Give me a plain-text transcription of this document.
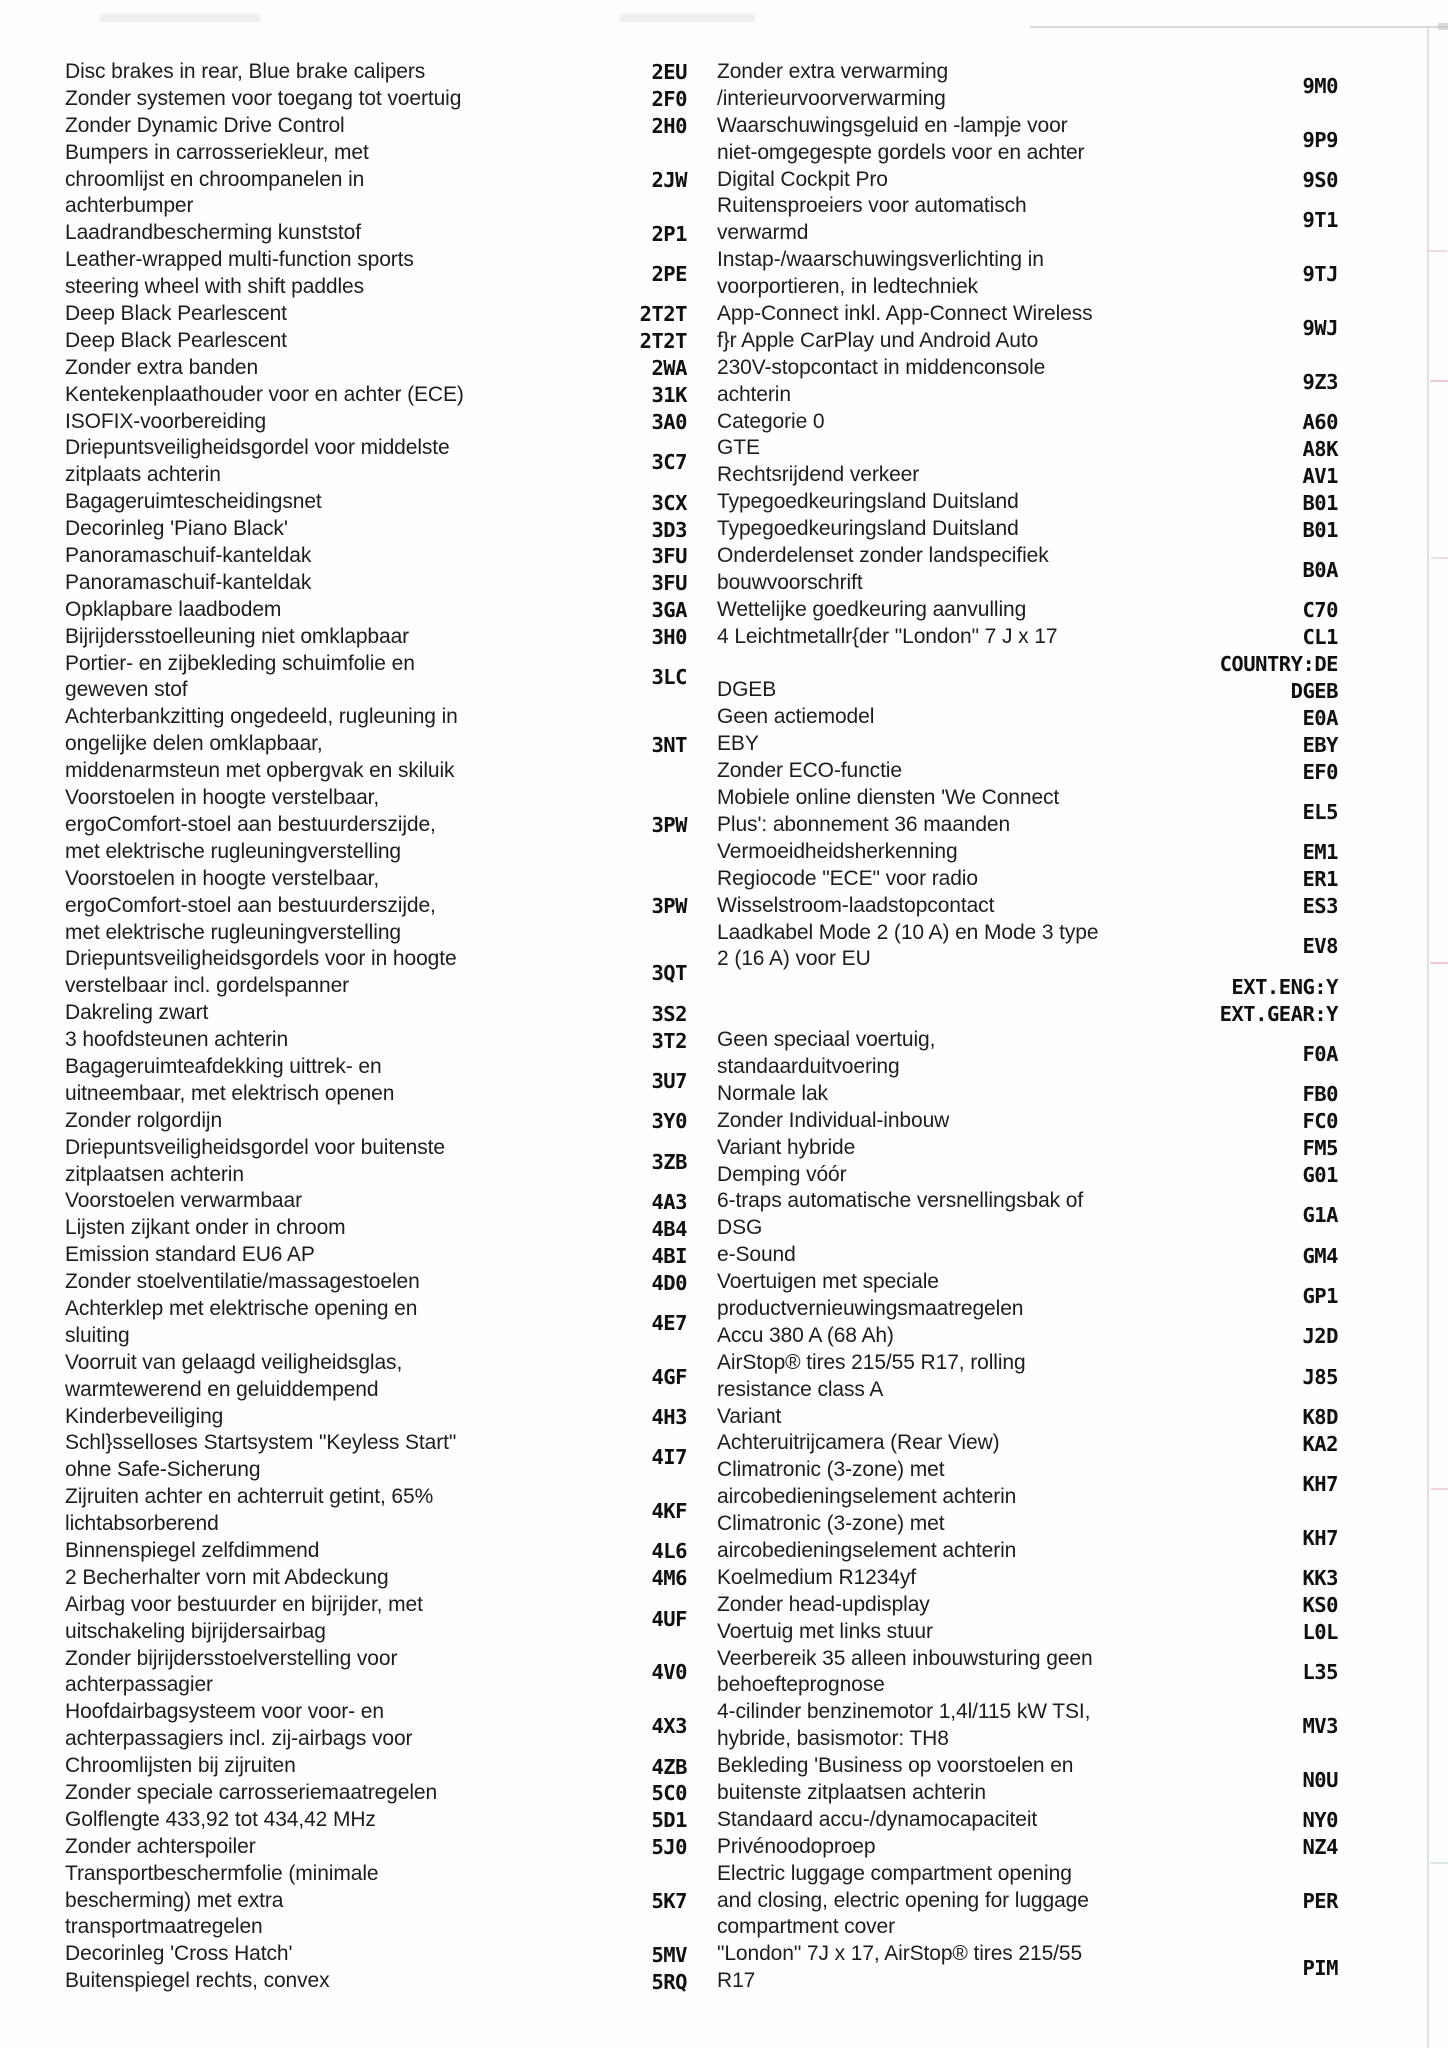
Disc brakes in rear, Blue brake calipers	2EU
Zonder systemen voor toegang tot voertuig	2F0
Zonder Dynamic Drive Control	2H0
Bumpers in carrosseriekleur, met
chroomlijst en chroompanelen in
achterbumper
2JW
Laadrandbescherming kunststof	2P1
Leather-wrapped multi-function sports
steering wheel with shift paddles
2PE
Deep Black Pearlescent	2T2T
Deep Black Pearlescent	2T2T
Zonder extra banden	2WA
Kentekenplaathouder voor en achter (ECE)	31K
ISOFIX-voorbereiding	3A0
Driepuntsveiligheidsgordel voor middelste
zitplaats achterin
3C7
Bagageruimtescheidingsnet	3CX
Decorinleg 'Piano Black'	3D3
Panoramaschuif-kanteldak	3FU
Panoramaschuif-kanteldak	3FU
Opklapbare laadbodem	3GA
Bijrijdersstoelleuning niet omklapbaar	3H0
Portier- en zijbekleding schuimfolie en
geweven stof
3LC
Achterbankzitting ongedeeld, rugleuning in
ongelijke delen omklapbaar,
middenarmsteun met opbergvak en skiluik
3NT
Voorstoelen in hoogte verstelbaar,
ergoComfort-stoel aan bestuurderszijde,
met elektrische rugleuningverstelling
3PW
Voorstoelen in hoogte verstelbaar,
ergoComfort-stoel aan bestuurderszijde,
met elektrische rugleuningverstelling
3PW
Driepuntsveiligheidsgordels voor in hoogte
verstelbaar incl. gordelspanner
3QT
Dakreling zwart	3S2
3 hoofdsteunen achterin	3T2
Bagageruimteafdekking uittrek- en
uitneembaar, met elektrisch openen
3U7
Zonder rolgordijn	3Y0
Driepuntsveiligheidsgordel voor buitenste
zitplaatsen achterin
3ZB
Voorstoelen verwarmbaar	4A3
Lijsten zijkant onder in chroom	4B4
Emission standard EU6 AP	4BI
Zonder stoelventilatie/massagestoelen	4D0
Achterklep met elektrische opening en
sluiting
4E7
Voorruit van gelaagd veiligheidsglas,
warmtewerend en geluiddempend
4GF
Kinderbeveiliging	4H3
Schl}sselloses Startsystem "Keyless Start"
ohne Safe-Sicherung
4I7
Zijruiten achter en achterruit getint, 65%
lichtabsorberend
4KF
Binnenspiegel zelfdimmend	4L6
2 Becherhalter vorn mit Abdeckung	4M6
Airbag voor bestuurder en bijrijder, met
uitschakeling bijrijdersairbag
4UF
Zonder bijrijdersstoelverstelling voor
achterpassagier
4V0
Hoofdairbagsysteem voor voor- en
achterpassagiers incl. zij-airbags voor
4X3
Chroomlijsten bij zijruiten	4ZB
Zonder speciale carrosseriemaatregelen	5C0
Golflengte 433,92 tot 434,42 MHz	5D1
Zonder achterspoiler	5J0
Transportbeschermfolie (minimale
bescherming) met extra
transportmaatregelen
5K7
Decorinleg 'Cross Hatch'	5MV
Buitenspiegel rechts, convex	5RQ
Zonder extra verwarming
/interieurvoorverwarming
9M0
Waarschuwingsgeluid en -lampje voor
niet-omgegespte gordels voor en achter
9P9
Digital Cockpit Pro	9S0
Ruitensproeiers voor automatisch
verwarmd
9T1
Instap-/waarschuwingsverlichting in
voorportieren, in ledtechniek
9TJ
App-Connect inkl. App-Connect Wireless
f}r Apple CarPlay und Android Auto
9WJ
230V-stopcontact in middenconsole
achterin
9Z3
Categorie 0	A60
GTE	A8K
Rechtsrijdend verkeer	AV1
Typegoedkeuringsland Duitsland	B01
Typegoedkeuringsland Duitsland	B01
Onderdelenset zonder landspecifiek
bouwvoorschrift
B0A
Wettelijke goedkeuring aanvulling	C70
4 Leichtmetallr{der "London" 7 J x 17	CL1
COUNTRY:DE
DGEB	DGEB
Geen actiemodel	E0A
EBY	EBY
Zonder ECO-functie	EF0
Mobiele online diensten 'We Connect
Plus': abonnement 36 maanden
EL5
Vermoeidheidsherkenning	EM1
Regiocode "ECE" voor radio	ER1
Wisselstroom-laadstopcontact	ES3
Laadkabel Mode 2 (10 A) en Mode 3 type
2 (16 A) voor EU
EV8
EXT.ENG:Y
EXT.GEAR:Y
Geen speciaal voertuig,
standaarduitvoering
F0A
Normale lak	FB0
Zonder Individual-inbouw	FC0
Variant hybride	FM5
Demping vóór	G01
6-traps automatische versnellingsbak of
DSG
G1A
e-Sound	GM4
Voertuigen met speciale
productvernieuwingsmaatregelen
GP1
Accu 380 A (68 Ah)	J2D
AirStop® tires 215/55 R17, rolling
resistance class A
J85
Variant	K8D
Achteruitrijcamera (Rear View)	KA2
Climatronic (3-zone) met
aircobedieningselement achterin
KH7
Climatronic (3-zone) met
aircobedieningselement achterin
KH7
Koelmedium R1234yf	KK3
Zonder head-updisplay	KS0
Voertuig met links stuur	L0L
Veerbereik 35 alleen inbouwsturing geen
behoefteprognose
L35
4-cilinder benzinemotor 1,4l/115 kW TSI,
hybride, basismotor: TH8
MV3
Bekleding 'Business op voorstoelen en
buitenste zitplaatsen achterin
N0U
Standaard accu-/dynamocapaciteit	NY0
Privénoodoproep	NZ4
Electric luggage compartment opening
and closing, electric opening for luggage
compartment cover
PER
"London" 7J x 17, AirStop® tires 215/55
R17
PIM
